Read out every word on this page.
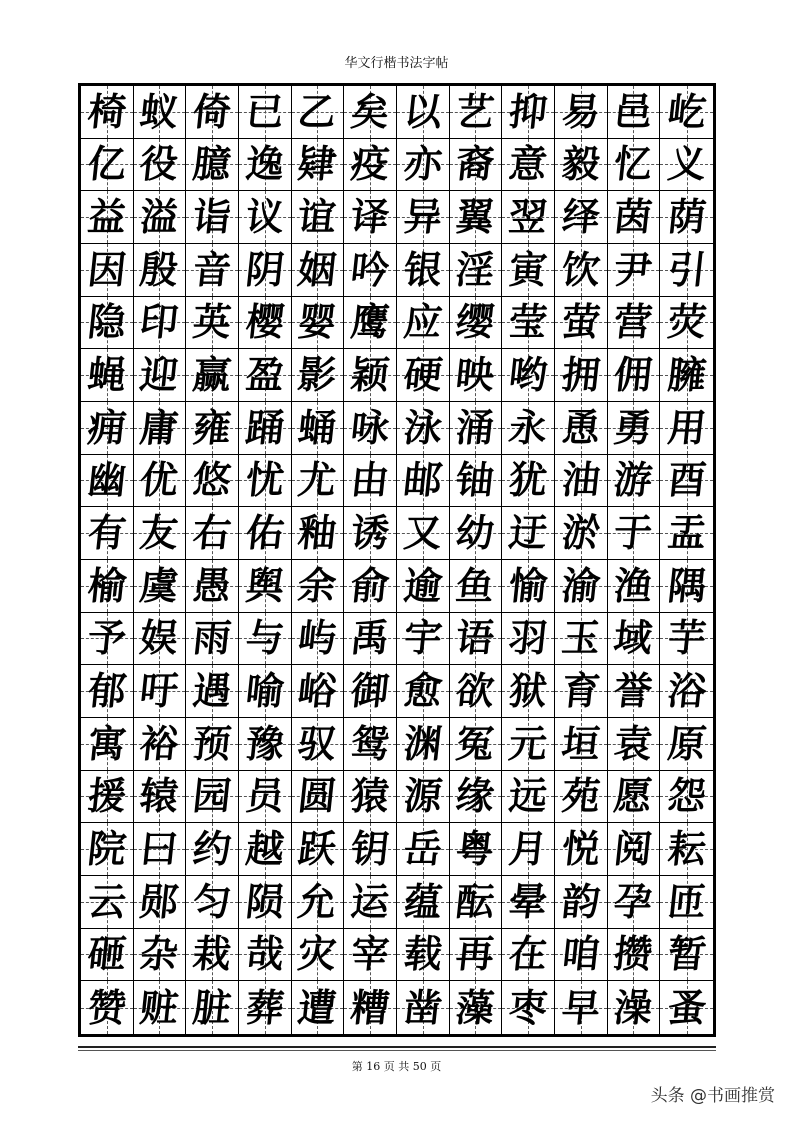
华文行楷书法字帖
椅 蚁 倚 已 乙 矣 以 艺 抑 易 邑 屹
亿 役 臆 逸 肄 疫 亦 裔 意 毅 忆 义
益 溢 诣 议 谊 译 异 翼 翌 绎 茵 荫
因 殷 音 阴 姻 吟 银 淫 寅 饮 尹 引
隐 印 英 樱 婴 鹰 应 缨 莹 萤 营 荧
蝇 迎 赢 盈 影 颖 硬 映 哟 拥 佣 臃
痈 庸 雍 踊 蛹 咏 泳 涌 永 恿 勇 用
幽 优 悠 忧 尤 由 邮 铀 犹 油 游 酉
有 友 右 佑 釉 诱 又 幼 迂 淤 于 盂
榆 虞 愚 舆 余 俞 逾 鱼 愉 渝 渔 隅
予 娱 雨 与 屿 禹 宇 语 羽 玉 域 芋
郁 吁 遇 喻 峪 御 愈 欲 狱 育 誉 浴
寓 裕 预 豫 驭 鸳 渊 冤 元 垣 袁 原
援 辕 园 员 圆 猿 源 缘 远 苑 愿 怨
院 曰 约 越 跃 钥 岳 粤 月 悦 阅 耘
云 郧 匀 陨 允 运 蕴 酝 晕 韵 孕 匝
砸 杂 栽 哉 灾 宰 载 再 在 咱 攒 暂
赞 赃 脏 葬 遭 糟 凿 藻 枣 早 澡 蚤
第 16 页 共 50 页
头条 @书画推赏
